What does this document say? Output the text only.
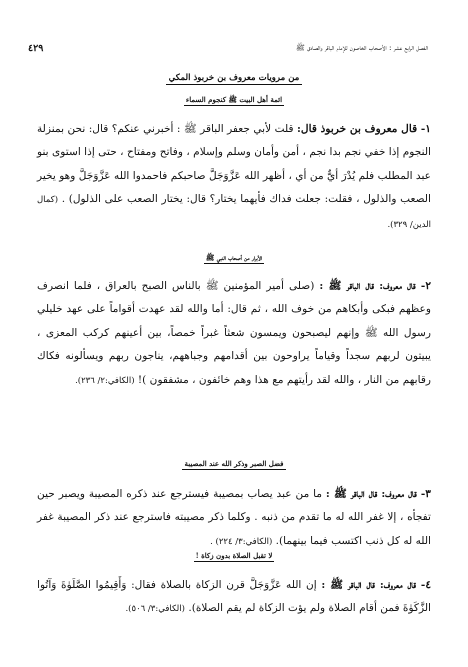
الفصل الرابع عشر : الأصحاب الخاصون للإمام الباقر والصادق ﷺ
٤٢٩
من مرويات معروف بن خربوذ المكي
ائمة أهل البيت ﷺ كنجوم السماء

١- قال معروف بن خربوذ قال: قلت لأبي جعفر الباقر ﷺ : أخبرني عنكم؟ قال: نحن بمنزلة النجوم إذا خفي نجم بدا نجم ، أمن وأمان وسلم وإسلام ، وفاتح ومفتاح ، حتى إذا استوى بنو عبد المطلب فلم يُدْرَ أيٌّ من أي ، أظهر الله عَزَّوَجَلَّ صاحبكم فاحمدوا الله عَزَّوَجَلَّ وهو يخير الصعب والذلول ، فقلت: جعلت فداك فأيهما يختار؟ قال: يختار الصعب على الذلول) . (كمال الدين/ ٣٢٩).

الأبرار من أصحاب النبي ﷺ

٢- قال معروف: قال الباقر ﷺ : (صلى أمير المؤمنين ﷺ بالناس الصبح بالعراق ، فلما انصرف وعظهم فبكى وأبكاهم من خوف الله ، ثم قال: أما والله لقد عهدت أقواماً على عهد خليلي رسول الله ﷺ وإنهم ليصبحون ويمسون شعثاً غبراً خمصاً، بين أعينهم كركب المعزى ، يبيتون لربهم سجداً وقياماً يراوحون بين أقدامهم وجباههم، يناجون ربهم ويسألونه فكاك رقابهم من النار ، والله لقد رأيتهم مع هذا وهم خائفون ، مشفقون )! (الكافي:٢/ ٢٣٦).

فضل الصبر وذكر الله عند المصيبة

٣- قال معروف: قال الباقر ﷺ : ما من عبد يصاب بمصيبة فيسترجع عند ذكره المصيبة ويصبر حين تفجأه ، إلا غفر الله له ما تقدم من ذنبه . وكلما ذكر مصيبته فاسترجع عند ذكر المصيبة غفر الله له كل ذنب اكتسب فيما بينهما). (الكافي:٣/ ٢٢٤) .

لا تقبل الصلاة بدون زكاة !

٤- قال معروف: قال الباقر ﷺ : إن الله عَزَّوَجَلَّ قرن الزكاة بالصلاة فقال: وَأَقِيمُوا الصَّلَوٰةَ وَآتُوا الزَّكَوٰةَ فمن أقام الصلاة ولم يؤت الزكاة لم يقم الصلاة). (الكافي:٣/ ٥٠٦).
